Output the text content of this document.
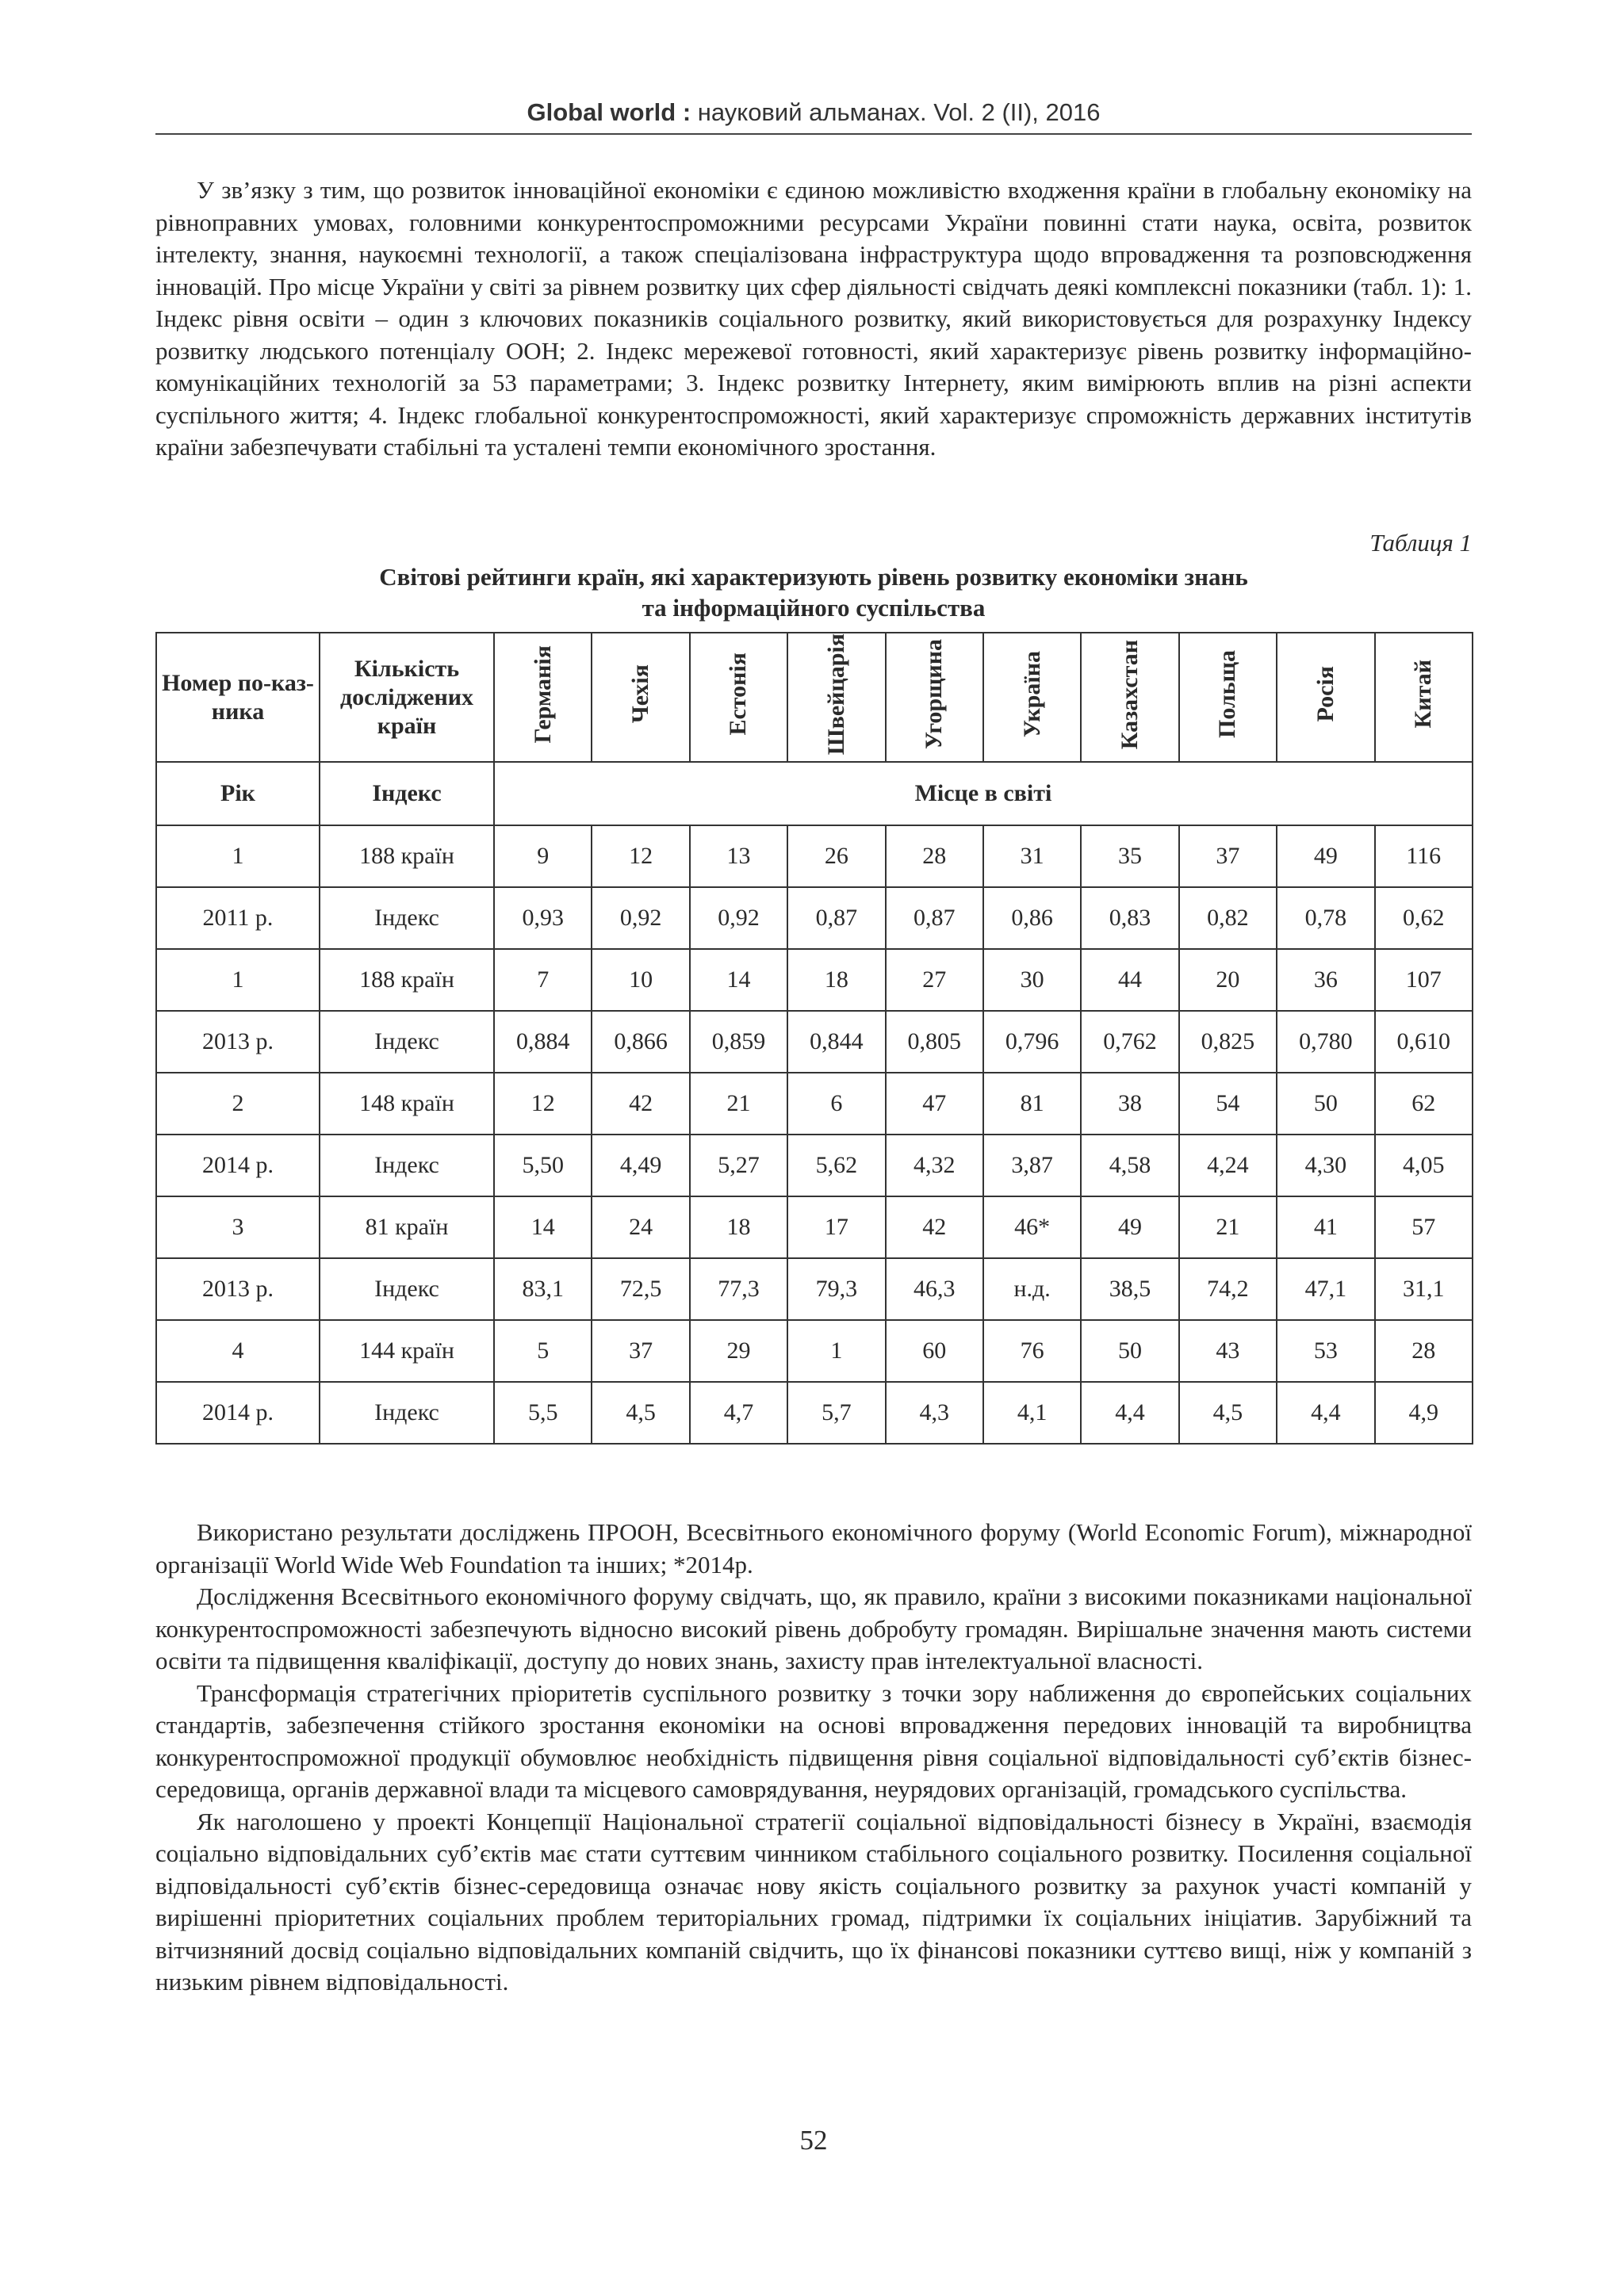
Global world : науковий альманах. Vol. 2 (II), 2016

У зв’язку з тим, що розвиток інноваційної економіки є єдиною можливістю входження країни в глобальну економіку на рівноправних умовах, головними конкурентоспроможними ресурсами України повинні стати наука, освіта, розвиток інтелекту, знання, наукоємні технології, а також спеціалізована інфраструктура щодо впровадження та розповсюдження інновацій. Про місце України у світі за рівнем розвитку цих сфер діяльності свідчать деякі комплексні показники (табл. 1): 1. Індекс рівня освіти – один з ключових показників соціального розвитку, який використовується для розрахунку Індексу розвитку людського потенціалу ООН; 2. Індекс мережевої готовності, який характеризує рівень розвитку інформаційно-комунікаційних технологій за 53 параметрами; 3. Індекс розвитку Інтернету, яким вимірюють вплив на різні аспекти суспільного життя; 4. Індекс глобальної конкурентоспроможності, який характеризує спроможність державних інститутів країни забезпечувати стабільні та усталені темпи економічного зростання.

Таблиця 1
Світові рейтинги країн, які характеризують рівень розвитку економіки знань
та інформаційного суспільства
Номер по-каз-ника	Кількість досліджених країн	Германія	Чехія	Естонія	Швейцарія	Угорщина	Україна	Казахстан	Польща	Росія	Китай
Рік	Індекс	Місце в світі									
1	188 країн	9	12	13	26	28	31	35	37	49	116
2011 р.	Індекс	0,93	0,92	0,92	0,87	0,87	0,86	0,83	0,82	0,78	0,62
1	188 країн	7	10	14	18	27	30	44	20	36	107
2013 р.	Індекс	0,884	0,866	0,859	0,844	0,805	0,796	0,762	0,825	0,780	0,610
2	148 країн	12	42	21	6	47	81	38	54	50	62
2014 р.	Індекс	5,50	4,49	5,27	5,62	4,32	3,87	4,58	4,24	4,30	4,05
3	81 країн	14	24	18	17	42	46*	49	21	41	57
2013 р.	Індекс	83,1	72,5	77,3	79,3	46,3	н.д.	38,5	74,2	47,1	31,1
4	144 країн	5	37	29	1	60	76	50	43	53	28
2014 р.	Індекс	5,5	4,5	4,7	5,7	4,3	4,1	4,4	4,5	4,4	4,9

Використано результати досліджень ПРООН, Всесвітнього економічного форуму (World Economic Forum), міжнародної організації World Wide Web Foundation та інших; *2014р.

Дослідження Всесвітнього економічного форуму свідчать, що, як правило, країни з високими показниками національної конкурентоспроможності забезпечують відносно високий рівень добробуту громадян. Вирішальне значення мають системи освіти та підвищення кваліфікації, доступу до нових знань, захисту прав інтелектуальної власності.

Трансформація стратегічних пріоритетів суспільного розвитку з точки зору наближення до європейських соціальних стандартів, забезпечення стійкого зростання економіки на основі впровадження передових інновацій та виробництва конкурентоспроможної продукції обумовлює необхідність підвищення рівня соціальної відповідальності суб’єктів бізнес-середовища, органів державної влади та місцевого самоврядування, неурядових організацій, громадського суспільства.

Як наголошено у проекті Концепції Національної стратегії соціальної відповідальності бізнесу в Україні, взаємодія соціально відповідальних суб’єктів має стати суттєвим чинником стабільного соціального розвитку. Посилення соціальної відповідальності суб’єктів бізнес-середовища означає нову якість соціального розвитку за рахунок участі компаній у вирішенні пріоритетних соціальних проблем територіальних громад, підтримки їх соціальних ініціатив. Зарубіжний та вітчизняний досвід соціально відповідальних компаній свідчить, що їх фінансові показники суттєво вищі, ніж у компаній з низьким рівнем відповідальності.

52
